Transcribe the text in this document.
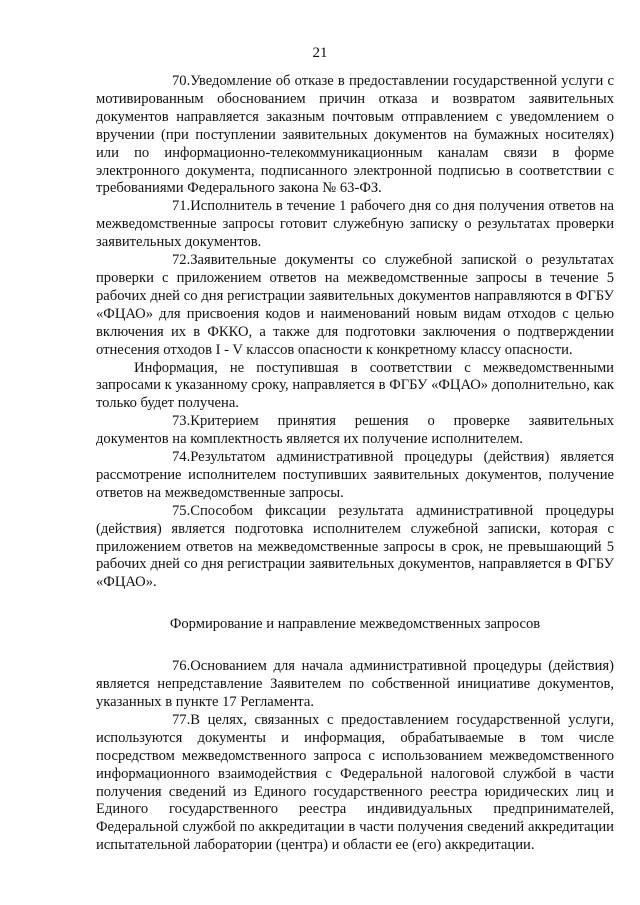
21

70.Уведомление об отказе в предоставлении государственной услуги с мотивированным обоснованием причин отказа и возвратом заявительных документов направляется заказным почтовым отправлением с уведомлением о вручении (при поступлении заявительных документов на бумажных носителях) или по информационно-телекоммуникационным каналам связи в форме электронного документа, подписанного электронной подписью в соответствии с требованиями Федерального закона № 63-ФЗ.

71.Исполнитель в течение 1 рабочего дня со дня получения ответов на межведомственные запросы готовит служебную записку о результатах проверки заявительных документов.

72.Заявительные документы со служебной запиской о результатах проверки с приложением ответов на межведомственные запросы в течение 5 рабочих дней со дня регистрации заявительных документов направляются в ФГБУ «ФЦАО» для присвоения кодов и наименований новым видам отходов с целью включения их в ФККО, а также для подготовки заключения о подтверждении отнесения отходов I - V классов опасности к конкретному классу опасности.

Информация, не поступившая в соответствии с межведомственными запросами к указанному сроку, направляется в ФГБУ «ФЦАО» дополнительно, как только будет получена.

73.Критерием принятия решения о проверке заявительных документов на комплектность является их получение исполнителем.

74.Результатом административной процедуры (действия) является рассмотрение исполнителем поступивших заявительных документов, получение ответов на межведомственные запросы.

75.Способом фиксации результата административной процедуры (действия) является подготовка исполнителем служебной записки, которая с приложением ответов на межведомственные запросы в срок, не превышающий 5 рабочих дней со дня регистрации заявительных документов, направляется в ФГБУ «ФЦАО».

Формирование и направление межведомственных запросов

76.Основанием для начала административной процедуры (действия) является непредставление Заявителем по собственной инициативе документов, указанных в пункте 17 Регламента.

77.В целях, связанных с предоставлением государственной услуги, используются документы и информация, обрабатываемые в том числе посредством межведомственного запроса с использованием межведомственного информационного взаимодействия с Федеральной налоговой службой в части получения сведений из Единого государственного реестра юридических лиц и Единого государственного реестра индивидуальных предпринимателей, Федеральной службой по аккредитации в части получения сведений аккредитации испытательной лаборатории (центра) и области ее (его) аккредитации.
